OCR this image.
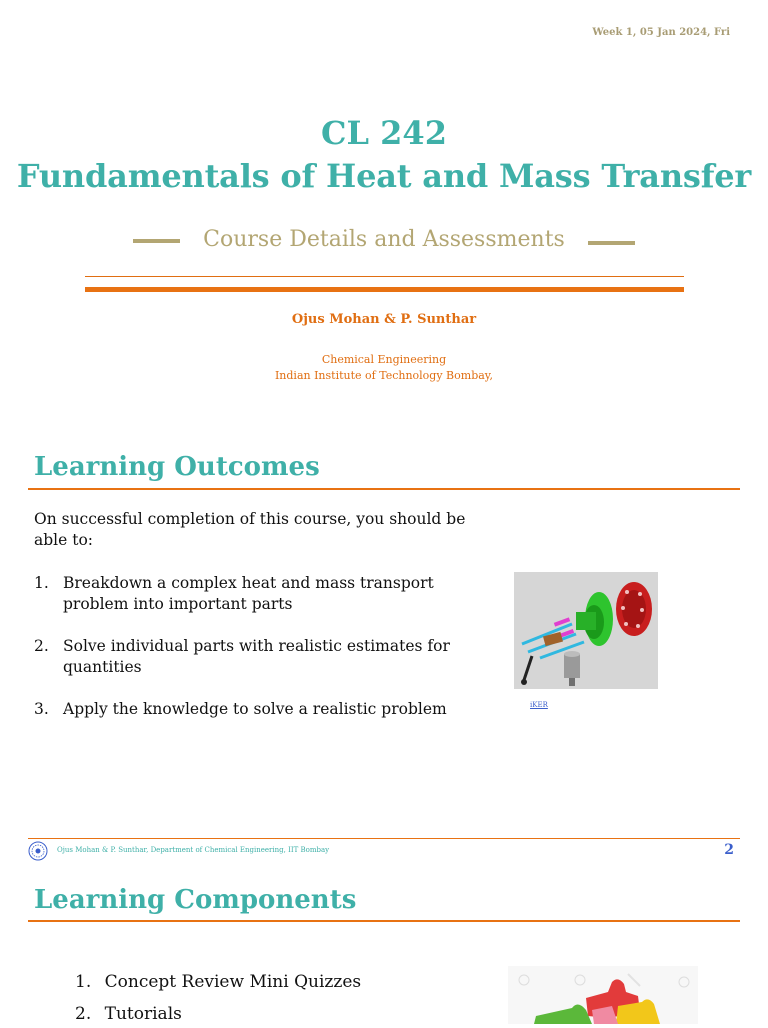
Week 1, 05 Jan 2024, Fri
CL 242
Fundamentals of Heat and Mass Transfer
Course Details and Assessments
Ojus Mohan & P. Sunthar
Chemical Engineering
Indian Institute of Technology Bombay,
Learning Outcomes
On successful completion of this course, you should be
able to:
1. Breakdown a complex heat and mass transport
problem into important parts
2. Solve individual parts with realistic estimates for
quantities
3. Apply the knowledge to solve a realistic problem	iKER
Ojus Mohan & P. Sunthar, Department of Chemical Engineering, IIT Bombay	2
Learning Components
1. Concept Review Mini Quizzes
2. Tutorials
